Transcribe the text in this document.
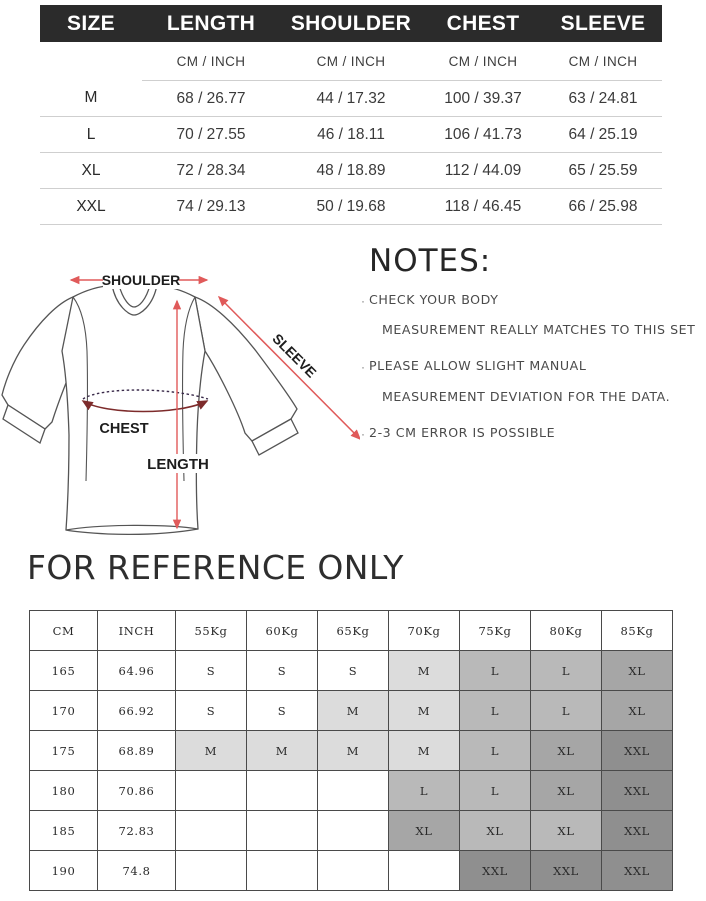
SIZE	LENGTH	SHOULDER	CHEST	SLEEVE
	CM / INCH	CM / INCH	CM / INCH	CM / INCH
M	68 / 26.77	44 / 17.32	100 / 39.37	63 / 24.81
L	70 / 27.55	46 / 18.11	106 / 41.73	64 / 25.19
XL	72 / 28.34	48 / 18.89	112 / 44.09	65 / 25.59
XXL	74 / 29.13	50 / 19.68	118 / 46.45	66 / 25.98
SHOULDER
SLEEVE
CHEST
LENGTH
NOTES:
· CHECK YOUR BODY
MEASUREMENT REALLY MATCHES TO THIS SET
· PLEASE ALLOW SLIGHT MANUAL
MEASUREMENT DEVIATION FOR THE DATA.
· 2-3 CM ERROR IS POSSIBLE
FOR REFERENCE ONLY
CM	INCH	55Kg	60Kg	65Kg	70Kg	75Kg	80Kg	85Kg
165	64.96	S	S	S	M	L	L	XL
170	66.92	S	S	M	M	L	L	XL
175	68.89	M	M	M	M	L	XL	XXL
180	70.86				L	L	XL	XXL
185	72.83				XL	XL	XL	XXL
190	74.8					XXL	XXL	XXL
